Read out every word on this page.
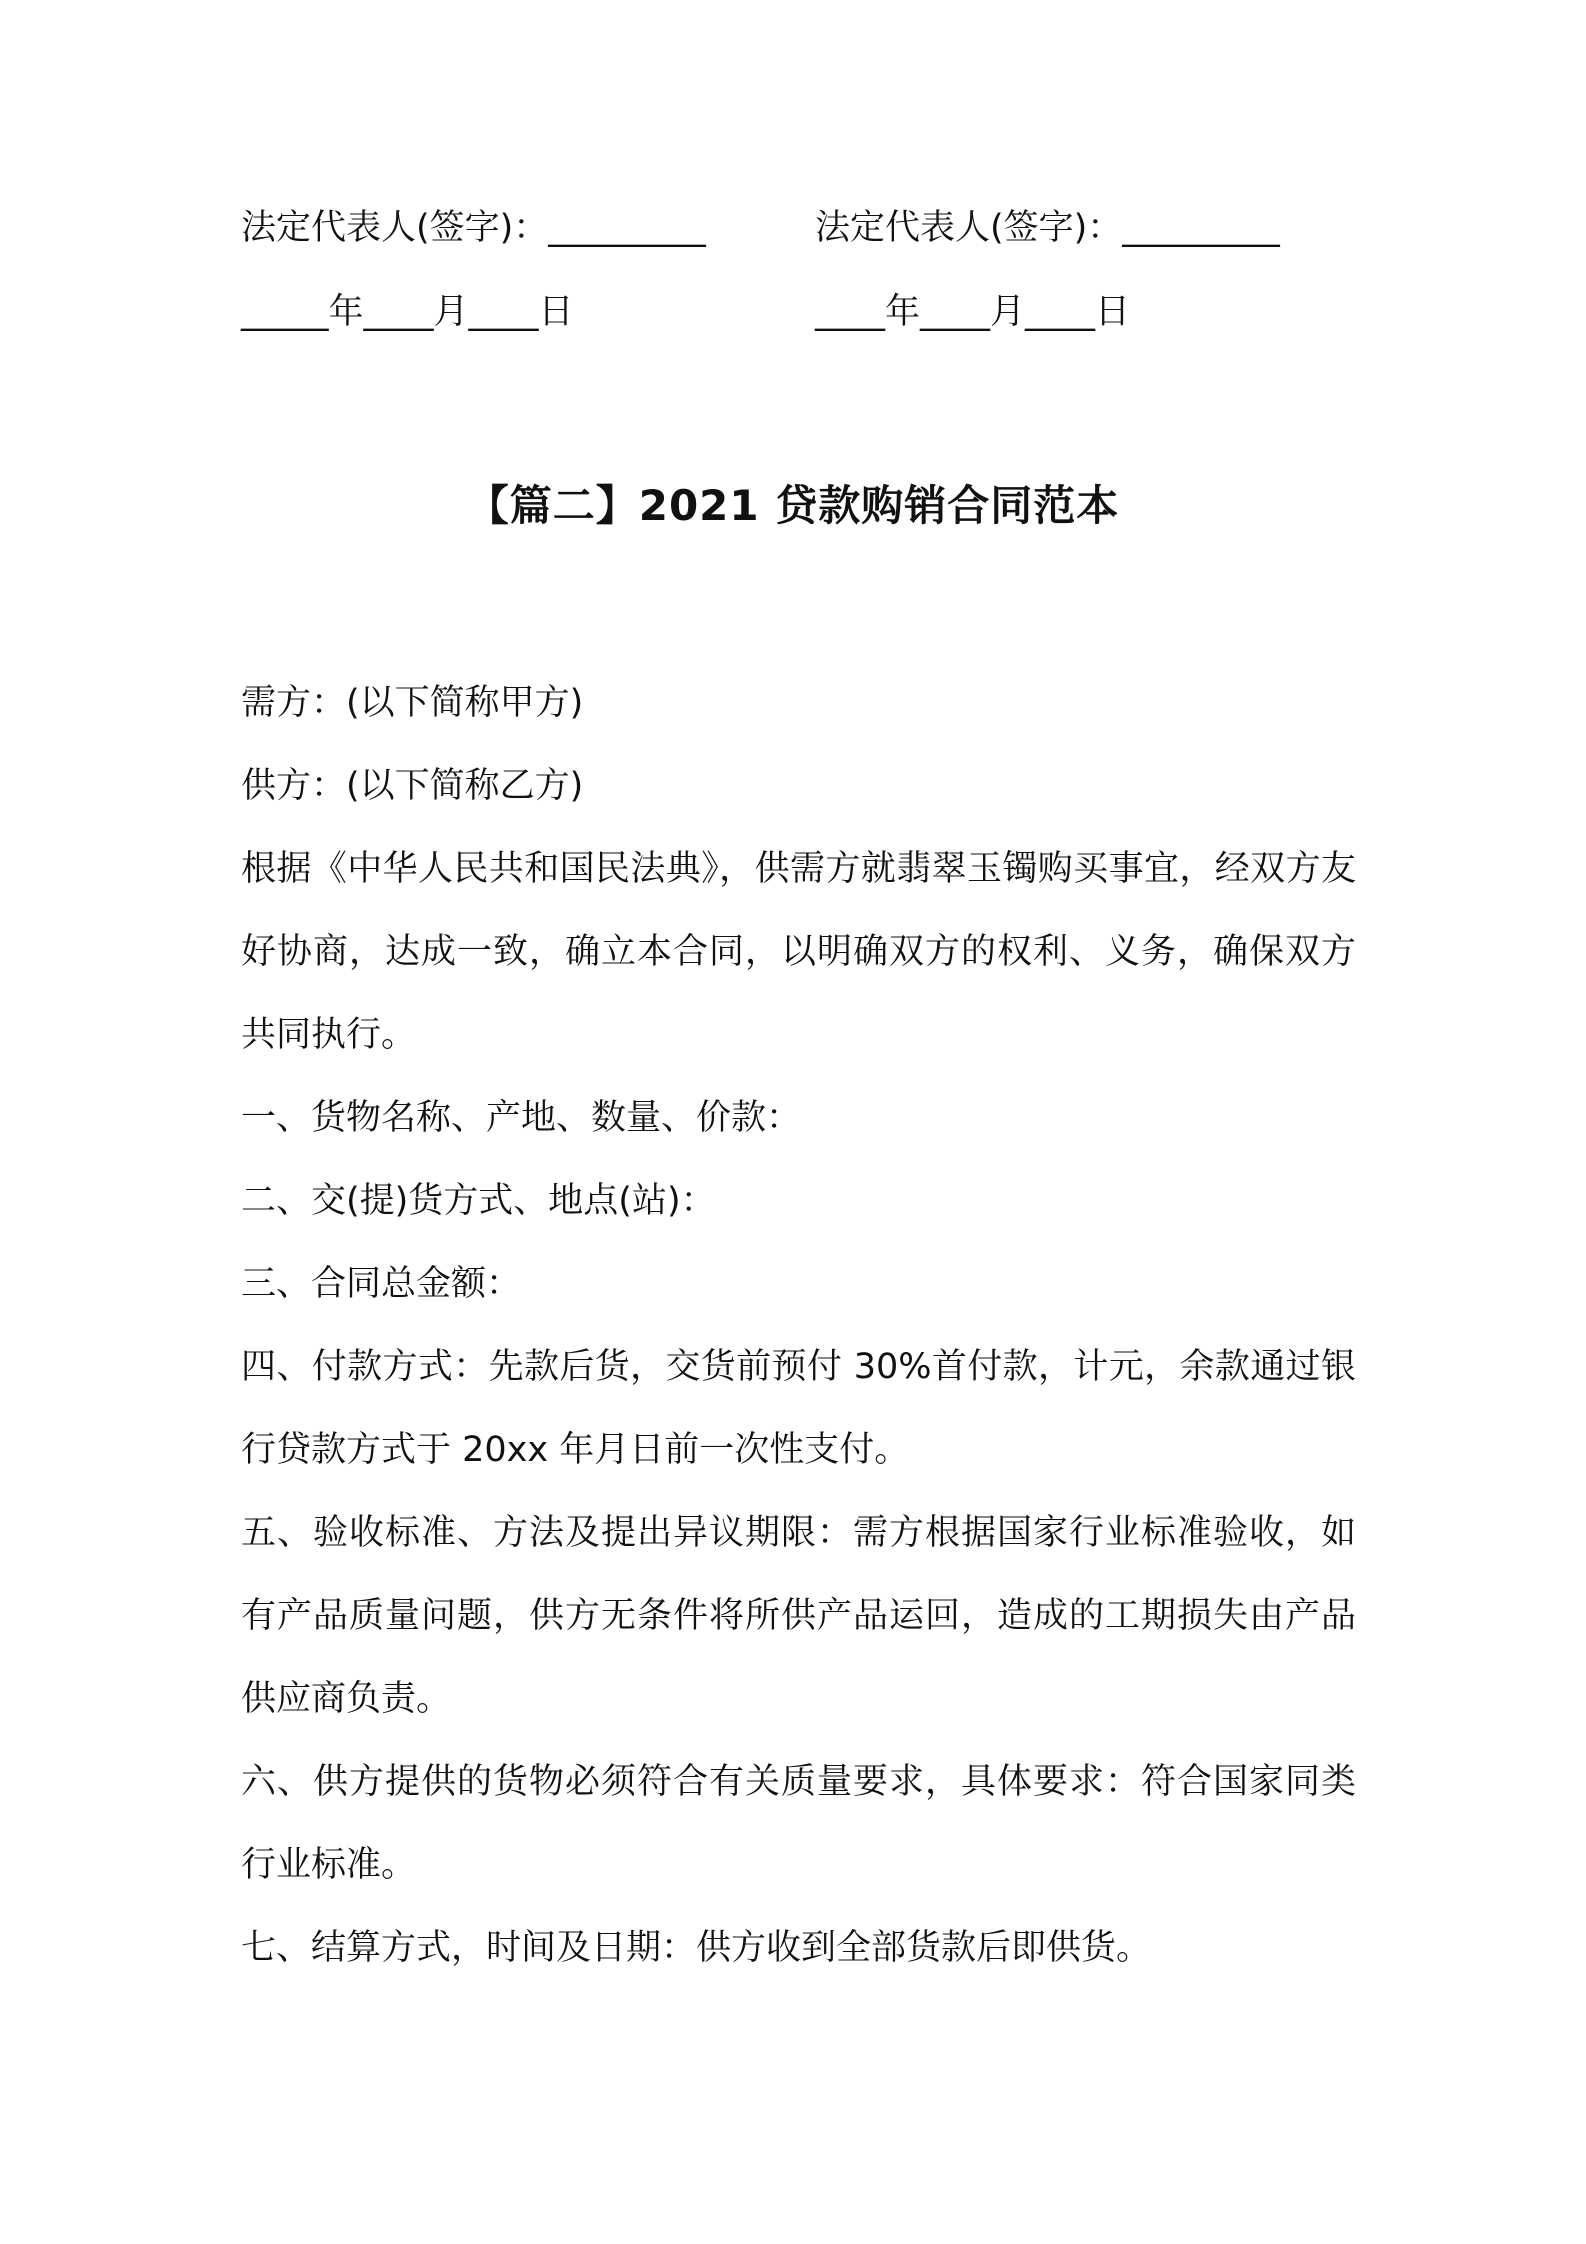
法定代表人(签字)：_________	法定代表人(签字)：_________
_____年____月____日	____年____月____日
【篇二】2021 贷款购销合同范本

需方：(以下简称甲方)

供方：(以下简称乙方)

根据《中华人民共和国民法典》，供需方就翡翠玉镯购买事宜，经双方友好协商，达成一致，确立本合同，以明确双方的权利、义务，确保双方共同执行。

一、货物名称、产地、数量、价款：

二、交(提)货方式、地点(站)：

三、合同总金额：

四、付款方式：先款后货，交货前预付 30%首付款，计元，余款通过银行贷款方式于 20xx 年月日前一次性支付。

五、验收标准、方法及提出异议期限：需方根据国家行业标准验收，如有产品质量问题，供方无条件将所供产品运回，造成的工期损失由产品供应商负责。

六、供方提供的货物必须符合有关质量要求，具体要求：符合国家同类行业标准。

七、结算方式，时间及日期：供方收到全部货款后即供货。
